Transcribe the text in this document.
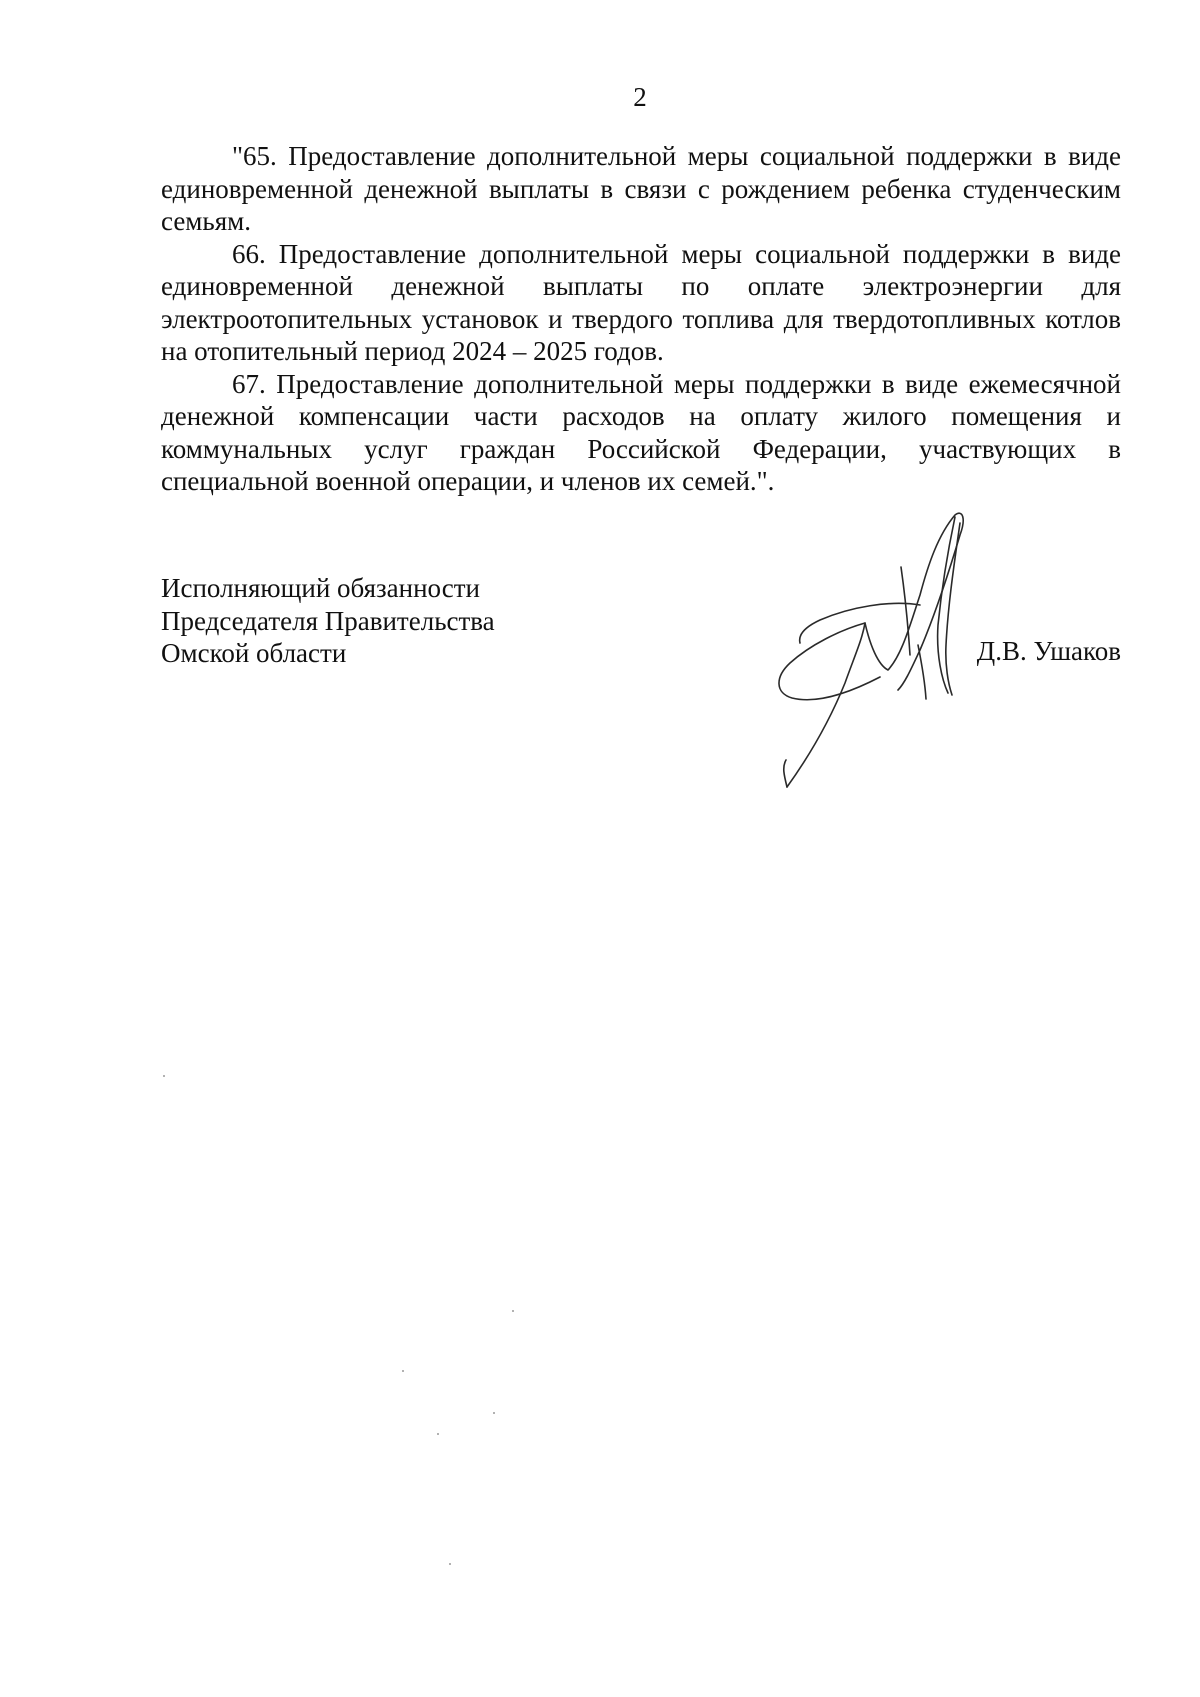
2

"65. Предоставление дополнительной меры социальной поддержки в виде единовременной денежной выплаты в связи с рождением ребенка студенческим семьям.

66. Предоставление дополнительной меры социальной поддержки в виде единовременной денежной выплаты по оплате электроэнергии для электроотопительных установок и твердого топлива для твердотопливных котлов на отопительный период 2024 – 2025 годов.

67. Предоставление дополнительной меры поддержки в виде ежемесячной денежной компенсации части расходов на оплату жилого помещения и коммунальных услуг граждан Российской Федерации, участвующих в специальной военной операции, и членов их семей.".

Исполняющий обязанности
Председателя Правительства
Омской области	Д.В. Ушаков
